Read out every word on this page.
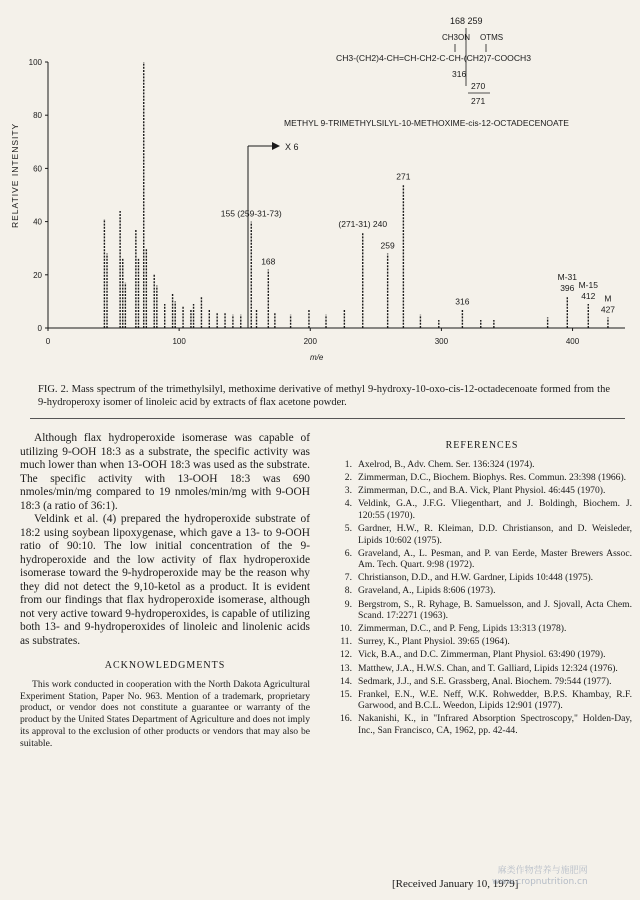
RELATIVE INTENSITY
m/e
0
20
40
60
80
100
0	100	200	300	400
155 (259-31-73)
168
(271-31) 240
259
271
316
M-31
396 M-15
412 M
427
X 6
168 259
CH3ON OTMS
CH3-(CH2)4-CH=CH-CH2-C-CH-(CH2)7-COOCH3
316
270
271
METHYL 9-TRIMETHYLSILYL-10-METHOXIME-cis-12-OCTADECENOATE
FIG. 2. Mass spectrum of the trimethylsilyl, methoxime derivative of methyl 9-hydroxy-10-oxo-cis-12-octadecenoate formed from the 9-hydroperoxy isomer of linoleic acid by extracts of flax acetone powder.

Although flax hydroperoxide isomerase was capable of utilizing 9-OOH 18:3 as a substrate, the specific activity was much lower than when 13-OOH 18:3 was used as the substrate. The specific activity with 13-OOH 18:3 was 690 nmoles/min/mg compared to 19 nmoles/min/mg with 9-OOH 18:3 (a ratio of 36:1).

Veldink et al. (4) prepared the hydroperoxide substrate of 18:2 using soybean lipoxygenase, which gave a 13- to 9-OOH ratio of 90:10. The low initial concentration of the 9-hydroperoxide and the low activity of flax hydroperoxide isomerase toward the 9-hydroperoxide may be the reason why they did not detect the 9,10-ketol as a product. It is evident from our findings that flax hydroperoxide isomerase, although not very active toward 9-hydroperoxides, is capable of utilizing both 13- and 9-hydroperoxides of linoleic and linolenic acids as substrates.

ACKNOWLEDGMENTS

This work conducted in cooperation with the North Dakota Agricultural Experiment Station, Paper No. 963. Mention of a trademark, proprietary product, or vendor does not constitute a guarantee or warranty of the product by the United States Department of Agriculture and does not imply its approval to the exclusion of other products or vendors that may also be suitable.

REFERENCES
1. Axelrod, B., Adv. Chem. Ser. 136:324 (1974).
2. Zimmerman, D.C., Biochem. Biophys. Res. Commun. 23:398 (1966).
3. Zimmerman, D.C., and B.A. Vick, Plant Physiol. 46:445 (1970).
4. Veldink, G.A., J.F.G. Vliegenthart, and J. Boldingh, Biochem. J. 120:55 (1970).
5. Gardner, H.W., R. Kleiman, D.D. Christianson, and D. Weisleder, Lipids 10:602 (1975).
6. Graveland, A., L. Pesman, and P. van Eerde, Master Brewers Assoc. Am. Tech. Quart. 9:98 (1972).
7. Christianson, D.D., and H.W. Gardner, Lipids 10:448 (1975).
8. Graveland, A., Lipids 8:606 (1973).
9. Bergstrom, S., R. Ryhage, B. Samuelsson, and J. Sjovall, Acta Chem. Scand. 17:2271 (1963).
10. Zimmerman, D.C., and P. Feng, Lipids 13:313 (1978).
11. Surrey, K., Plant Physiol. 39:65 (1964).
12. Vick, B.A., and D.C. Zimmerman, Plant Physiol. 63:490 (1979).
13. Matthew, J.A., H.W.S. Chan, and T. Galliard, Lipids 12:324 (1976).
14. Sedmark, J.J., and S.E. Grassberg, Anal. Biochem. 79:544 (1977).
15. Frankel, E.N., W.E. Neff, W.K. Rohwedder, B.P.S. Khambay, R.F. Garwood, and B.C.L. Weedon, Lipids 12:901 (1977).
16. Nakanishi, K., in "Infrared Absorption Spectroscopy," Holden-Day, Inc., San Francisco, CA, 1962, pp. 42-44.
[Received January 10, 1979]
麻类作物营养与施肥网
www.cropnutrition.cn
